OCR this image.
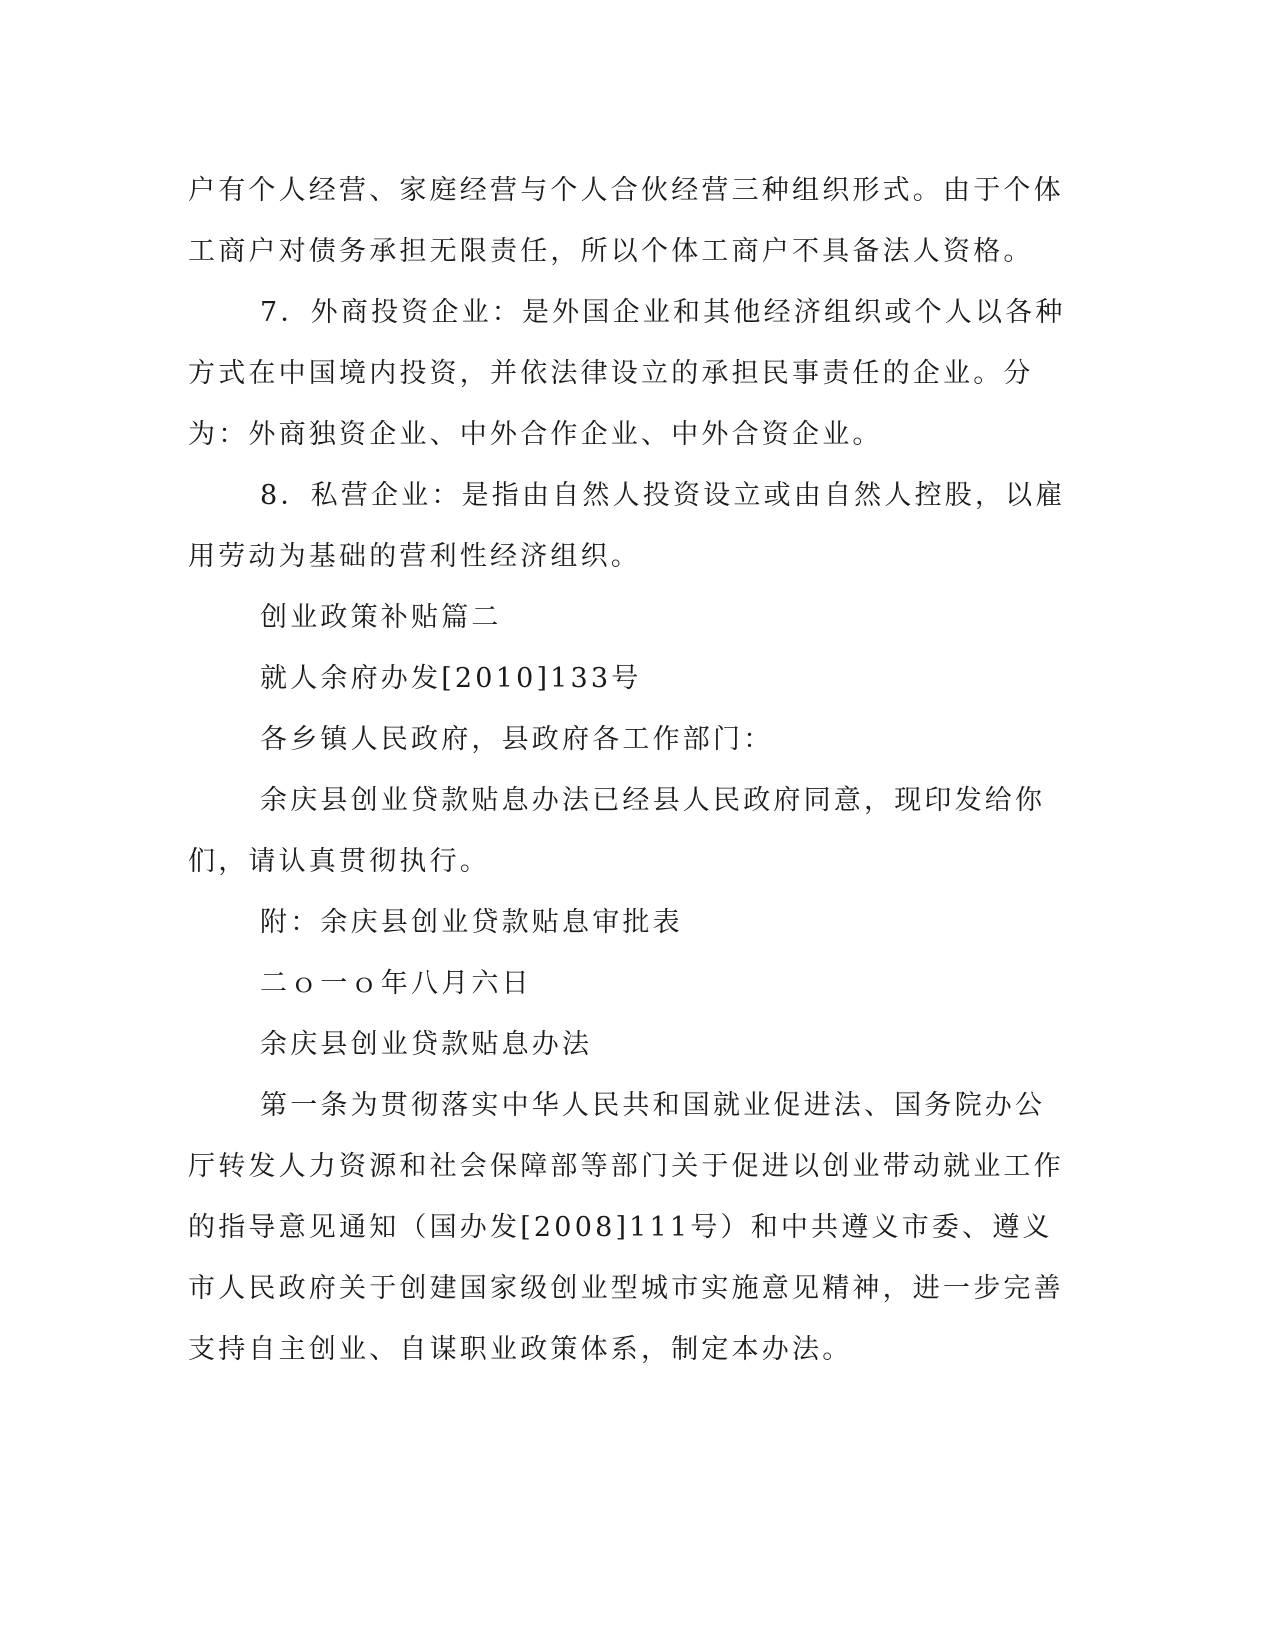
户有个人经营、家庭经营与个人合伙经营三种组织形式。由于个体工商户对债务承担无限责任，所以个体工商户不具备法人资格。

7．外商投资企业：是外国企业和其他经济组织或个人以各种方式在中国境内投资，并依法律设立的承担民事责任的企业。分为：外商独资企业、中外合作企业、中外合资企业。

8．私营企业：是指由自然人投资设立或由自然人控股，以雇用劳动为基础的营利性经济组织。

创业政策补贴篇二

就人余府办发[2010]133号

各乡镇人民政府，县政府各工作部门：

余庆县创业贷款贴息办法已经县人民政府同意，现印发给你们，请认真贯彻执行。

附：余庆县创业贷款贴息审批表

二ｏ一ｏ年八月六日

余庆县创业贷款贴息办法

第一条为贯彻落实中华人民共和国就业促进法、国务院办公厅转发人力资源和社会保障部等部门关于促进以创业带动就业工作的指导意见通知（国办发[2008]111号）和中共遵义市委、遵义市人民政府关于创建国家级创业型城市实施意见精神，进一步完善支持自主创业、自谋职业政策体系，制定本办法。
